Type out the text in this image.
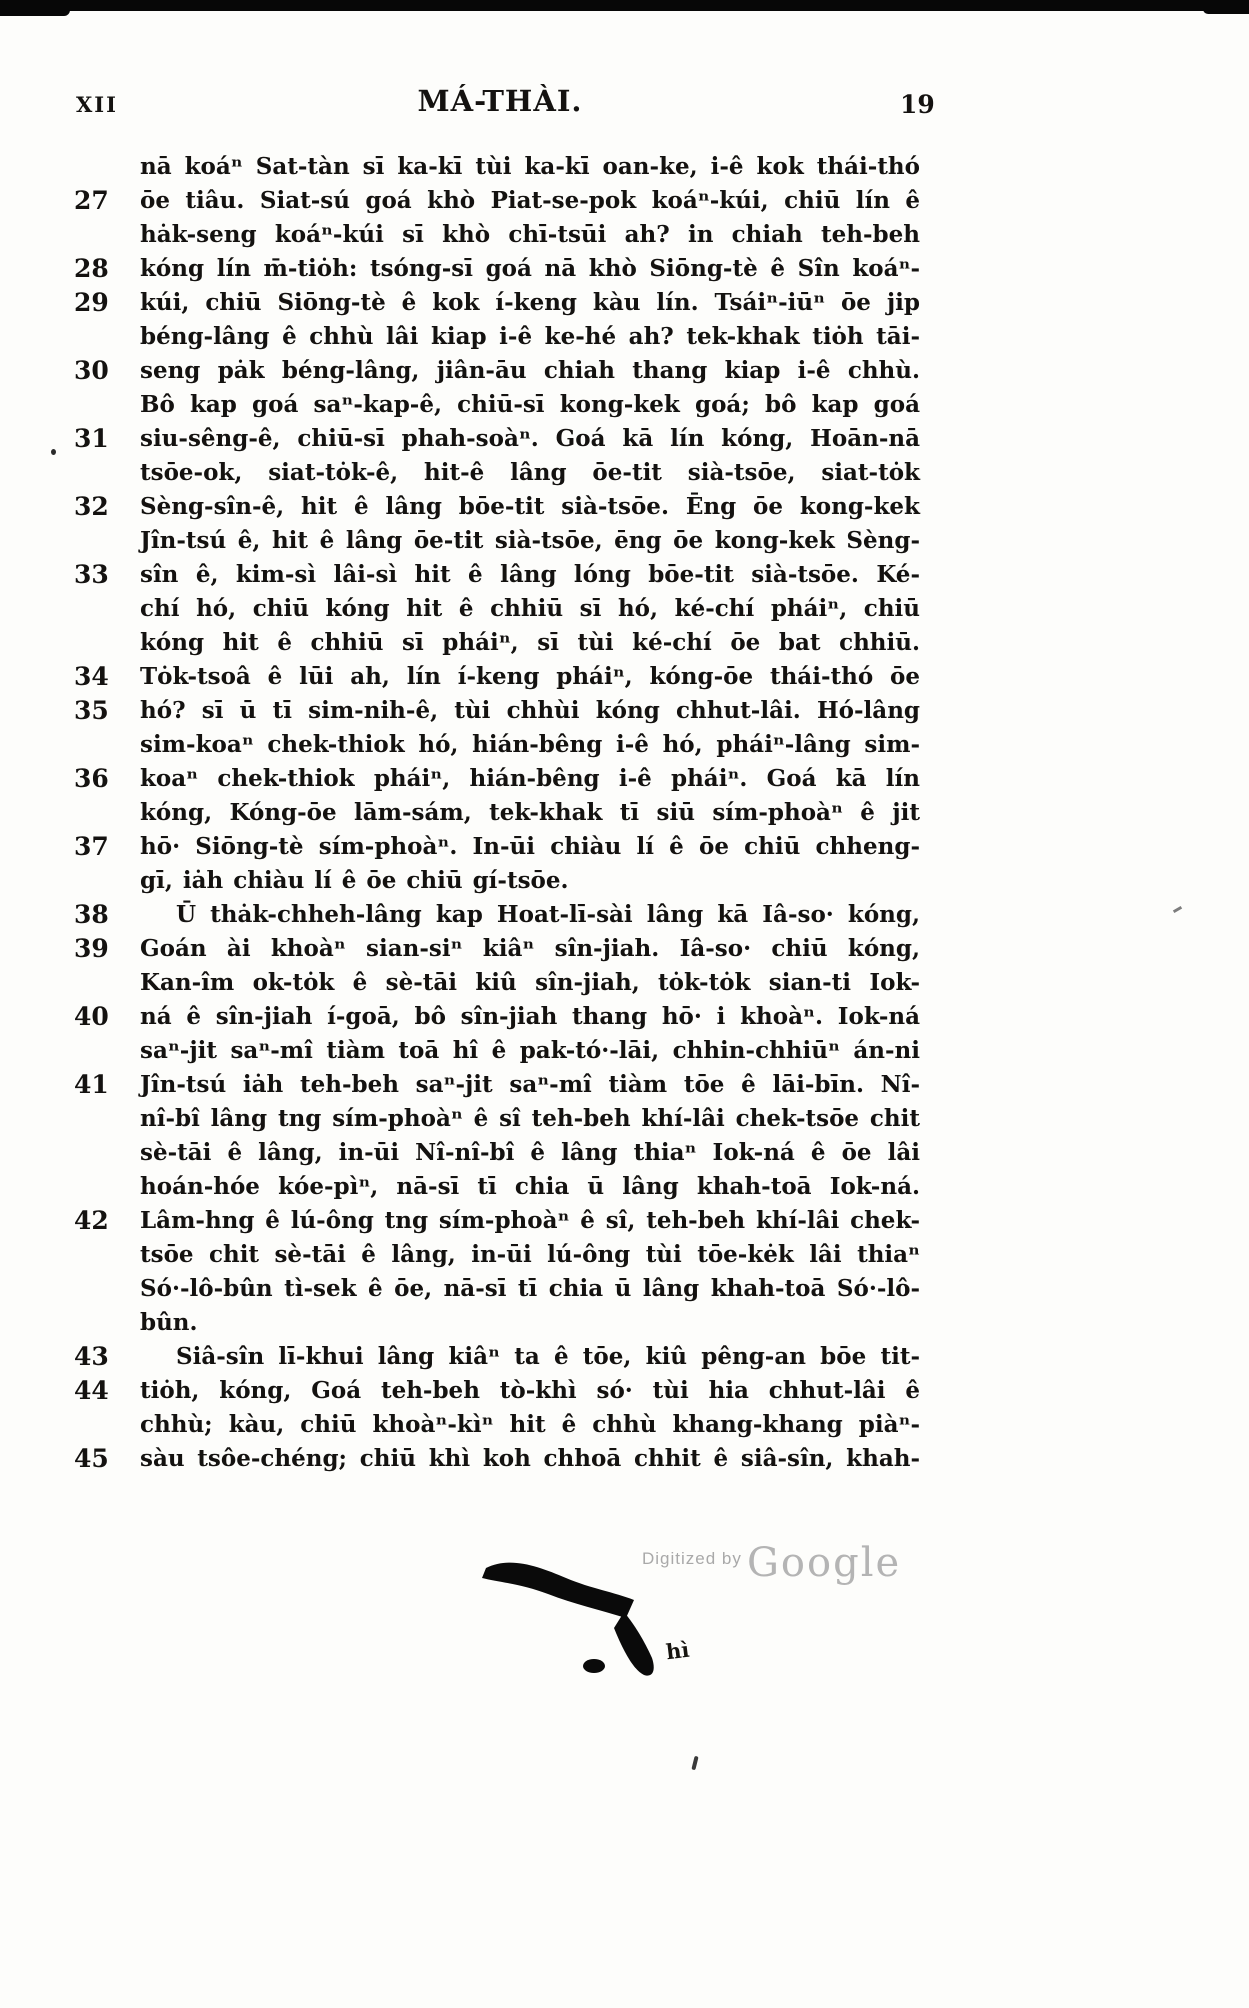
XII	MÁ-THÀI.	19
nā koáⁿ Sat-tàn sī ka-kī tùi ka-kī oan-ke, i-ê kok thái-thó
27	ōe tiâu. Siat-sú goá khò Piat-se-pok koáⁿ-kúi, chiū lín ê
hȧk-seng koáⁿ-kúi sī khò chī-tsūi ah? in chiah teh-beh
28	kóng lín m̄-tiȯh: tsóng-sī goá nā khò Siōng-tè ê Sîn koáⁿ-
29	kúi, chiū Siōng-tè ê kok í-keng kàu lín. Tsáiⁿ-iūⁿ ōe jip
béng-lâng ê chhù lâi kiap i-ê ke-hé ah? tek-khak tiȯh tāi-
30	seng pȧk béng-lâng, jiân-āu chiah thang kiap i-ê chhù.
Bô kap goá saⁿ-kap-ê, chiū-sī kong-kek goá; bô kap goá
31	siu-sêng-ê, chiū-sī phah-soàⁿ. Goá kā lín kóng, Hoān-nā
tsōe-ok, siat-tȯk-ê, hit-ê lâng ōe-tit sià-tsōe, siat-tȯk
32	Sèng-sîn-ê, hit ê lâng bōe-tit sià-tsōe. Ēng ōe kong-kek
Jîn-tsú ê, hit ê lâng ōe-tit sià-tsōe, ēng ōe kong-kek Sèng-
33	sîn ê, kim-sì lâi-sì hit ê lâng lóng bōe-tit sià-tsōe. Ké-
chí hó, chiū kóng hit ê chhiū sī hó, ké-chí pháiⁿ, chiū
kóng hit ê chhiū sī pháiⁿ, sī tùi ké-chí ōe bat chhiū.
34	Tȯk-tsoâ ê lūi ah, lín í-keng pháiⁿ, kóng-ōe thái-thó ōe
35	hó? sī ū tī sim-nih-ê, tùi chhùi kóng chhut-lâi. Hó-lâng
sim-koaⁿ chek-thiok hó, hián-bêng i-ê hó, pháiⁿ-lâng sim-
36	koaⁿ chek-thiok pháiⁿ, hián-bêng i-ê pháiⁿ. Goá kā lín
kóng, Kóng-ōe lām-sám, tek-khak tī siū sím-phoàⁿ ê jit
37	hō· Siōng-tè sím-phoàⁿ. In-ūi chiàu lí ê ōe chiū chheng-
gī, iȧh chiàu lí ê ōe chiū gí-tsōe.
38	Ū thȧk-chheh-lâng kap Hoat-lī-sài lâng kā Iâ-so· kóng,
39	Goán ài khoàⁿ sian-siⁿ kiâⁿ sîn-jiah. Iâ-so· chiū kóng,
Kan-îm ok-tȯk ê sè-tāi kiû sîn-jiah, tȯk-tȯk sian-ti Iok-
40	ná ê sîn-jiah í-goā, bô sîn-jiah thang hō· i khoàⁿ. Iok-ná
saⁿ-jit saⁿ-mî tiàm toā hî ê pak-tó·-lāi, chhin-chhiūⁿ án-ni
41	Jîn-tsú iȧh teh-beh saⁿ-jit saⁿ-mî tiàm tōe ê lāi-bīn. Nî-
nî-bî lâng tng sím-phoàⁿ ê sî teh-beh khí-lâi chek-tsōe chit
sè-tāi ê lâng, in-ūi Nî-nî-bî ê lâng thiaⁿ Iok-ná ê ōe lâi
hoán-hóe kóe-pìⁿ, nā-sī tī chia ū lâng khah-toā Iok-ná.
42	Lâm-hng ê lú-ông tng sím-phoàⁿ ê sî, teh-beh khí-lâi chek-
tsōe chit sè-tāi ê lâng, in-ūi lú-ông tùi tōe-kėk lâi thiaⁿ
Só·-lô-bûn tì-sek ê ōe, nā-sī tī chia ū lâng khah-toā Só·-lô-
bûn.
43	Siâ-sîn lī-khui lâng kiâⁿ ta ê tōe, kiû pêng-an bōe tit-
44	tiȯh, kóng, Goá teh-beh tò-khì só· tùi hia chhut-lâi ê
chhù; kàu, chiū khoàⁿ-kìⁿ hit ê chhù khang-khang piàⁿ-
45	sàu tsôe-chéng; chiū khì koh chhoā chhit ê siâ-sîn, khah-
hì
Digitized by Google
